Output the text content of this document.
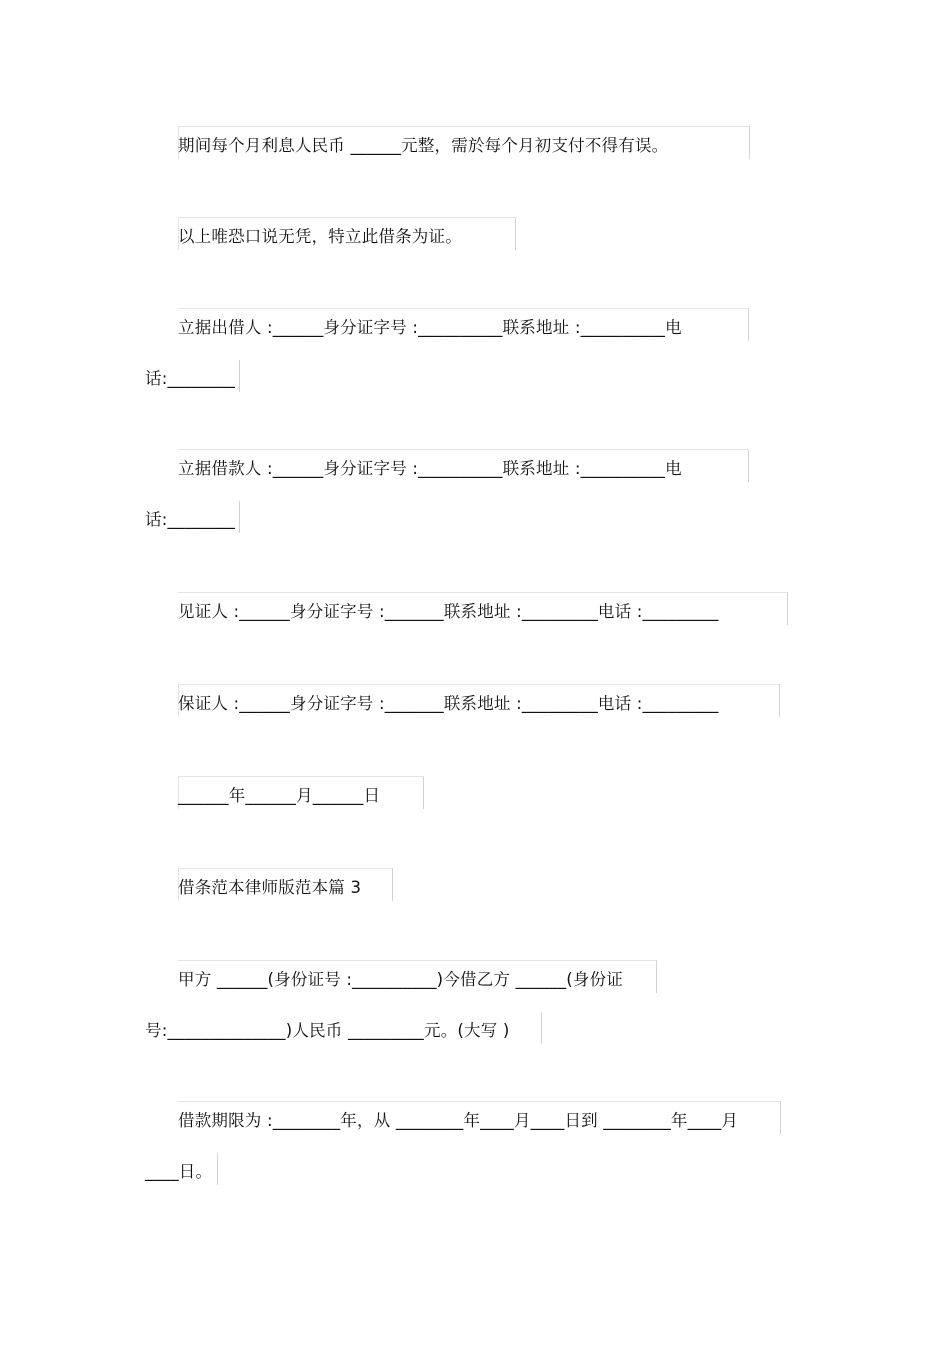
期间每个月利息人民币 ______元整，需於每个月初支付不得有误。
以上唯恐口说无凭，特立此借条为证。
立据出借人 :______身分证字号 :__________联系地址 :__________电
话:________
立据借款人 :______身分证字号 :__________联系地址 :__________电
话:________
见证人 :______身分证字号 :_______联系地址 :_________电话 :_________
保证人 :______身分证字号 :_______联系地址 :_________电话 :_________
______年______月______日
借条范本律师版范本篇 3
甲方 ______(身份证号 :__________)今借乙方 ______(身份证
号:______________)人民币 _________元。(大写 )
借款期限为 :________年，从 ________年____月____日到 ________年____月
____日。
